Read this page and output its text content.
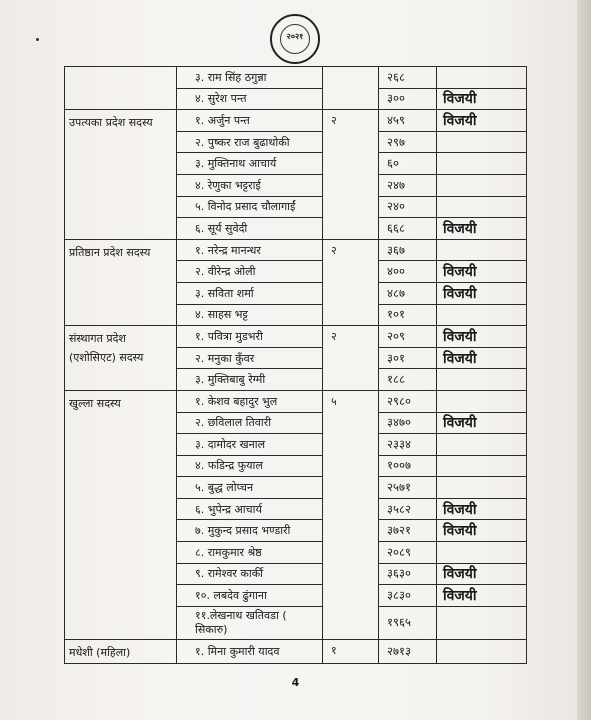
२०२१

	३. राम सिंह ठगुन्ना		२६८	

	४. सुरेश पन्त		३००	विजयी
उपत्यका प्रदेश सदस्य	१. अर्जुन पन्त	२	४५९	विजयी

	२. पुष्कर राज बुढाथोकी		२९७	

	३. मुक्तिनाथ आचार्य		६०	

	४. रेणुका भट्टराई		२४७	

	५. विनोद प्रसाद चौलागाईं		२४०	

	६. सूर्य सुवेदी		६६८	विजयी
प्रतिष्ठान प्रदेश सदस्य	१. नरेन्द्र मानन्धर	२	३६७	

	२. वीरेन्द्र ओली		४००	विजयी

	३. सविता शर्मा		४८७	विजयी

	४. साहस भट्ट		१०१	
संस्थागत प्रदेश (एशोसिएट) सदस्य	१. पवित्रा मुडभरी	२	२०९	विजयी

	२. मनुका कुँवर		३०१	विजयी

	३. मुक्तिबाबु रेग्मी		१८८	
खुल्ला सदस्य	१. केशव बहादुर भुल	५	२९८०	

	२. छविलाल तिवारी		३४७०	विजयी

	३. दामोदर खनाल		२३३४	

	४. फडिन्द्र फुयाल		१००७	

	५. बुद्ध लोप्चन		२५७१	

	६. भुपेन्द्र आचार्य		३५८२	विजयी

	७. मुकुन्द प्रसाद भण्डारी		३७२१	विजयी

	८. रामकुमार श्रेष्ठ		२०८९	

	९. रामेश्वर कार्की		३६३०	विजयी

	१०. लबदेव ढुंगाना		३८३०	विजयी

	११.लेखनाथ खतिवडा ( सिकारु)		१९६५	
मधेशी (महिला)	१. मिना कुमारी यादव	१	२७१३	
4
